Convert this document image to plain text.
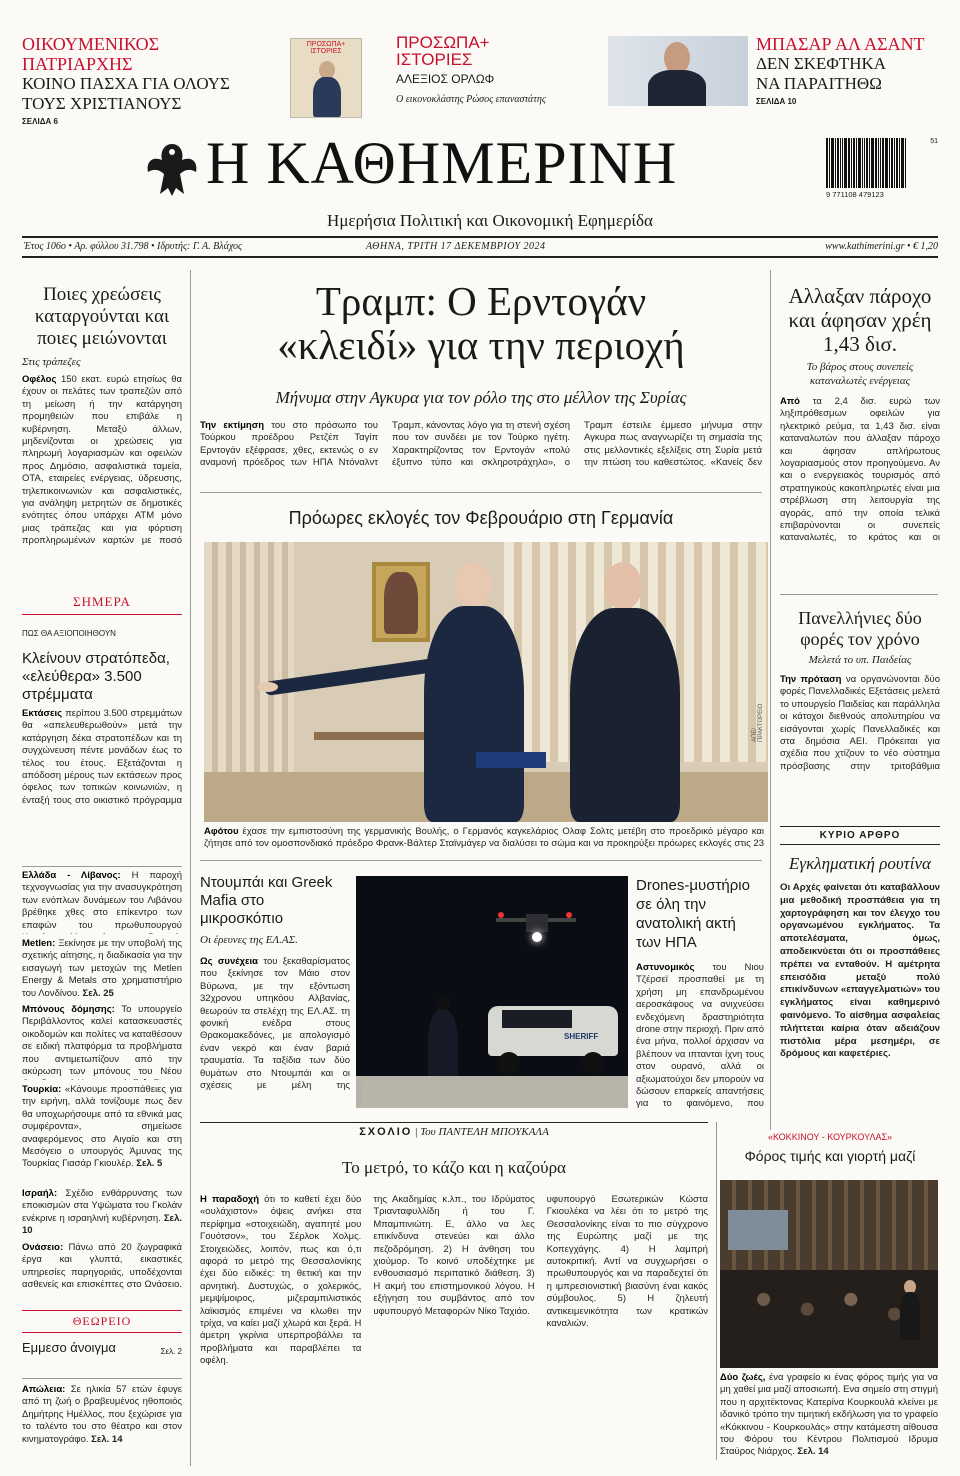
ΟΙΚΟΥΜΕΝΙΚΟΣ ΠΑΤΡΙΑΡΧΗΣ
ΚΟΙΝΟ ΠΑΣΧΑ ΓΙΑ ΟΛΟΥΣ
ΤΟΥΣ ΧΡΙΣΤΙΑΝΟΥΣ
ΣΕΛΙΔΑ 6
ΠΡΟΣΩΠΑ+ ΙΣΤΟΡΙΕΣ	ΠΡΟΣΩΠΑ+
ΙΣΤΟΡΙΕΣ
ΑΛΕΞΙΟΣ ΟΡΛΩΦ
Ο εικονοκλάστης Ρώσος επαναστάτης
ΜΠΑΣΑΡ ΑΛ ΑΣΑΝΤ
ΔΕΝ ΣΚΕΦΤΗΚΑ
ΝΑ ΠΑΡΑΙΤΗΘΩ
ΣΕΛΙΔΑ 10
Η ΚΑΘΗΜΕΡΙΝΗ
Ημερήσια Πολιτική και Οικονομική Εφημερίδα
51
9 771108 479123
Έτος 106ο • Αρ. φύλλου 31.798 • Ιδρυτής: Γ. Α. Βλάχος	ΑΘΗΝΑ, ΤΡΙΤΗ 17 ΔΕΚΕΜΒΡΙΟΥ 2024	www.kathimerini.gr • € 1,20
Ποιες χρεώσεις καταργούνται και ποιες μειώνονται
Στις τράπεζες
Οφέλος 150 εκατ. ευρώ ετησίως θα έχουν οι πελάτες των τραπεζών από τη μείωση ή την κατάργηση προμηθειών που επιβάλε η κυβέρνηση. Μεταξύ άλλων, μηδενίζονται οι χρεώσεις για πληρωμή λογαριασμών και οφειλών προς Δημόσιο, ασφαλιστικά ταμεία, ΟΤΑ, εταιρείες ενέργειας, ύδρευσης, τηλεπικοινωνιών και ασφαλιστικές, για ανάληψη μετρητών σε δημοτικές ενότητες όπου υπάρχει ATM μόνο μιας τράπεζας και για φόρτιση προπληρωμένων καρτών με ποσό
ΣΗΜΕΡΑ
ΠΩΣ ΘΑ ΑΞΙΟΠΟΙΗΘΟΥΝ
Κλείνουν στρατόπεδα, «ελεύθερα» 3.500 στρέμματα
Εκτάσεις περίπου 3.500 στρεμμάτων θα «απελευθερωθούν» μετά την κατάργηση δέκα στρατοπέδων και τη συγχώνευση πέντε μονάδων έως το τέλος του έτους. Εξετάζονται η απόδοση μέρους των εκτάσεων προς όφελος των τοπικών κοινωνιών, η ένταξή τους στο οικιστικό πρόγραμμα
Ελλάδα - Λίβανος: Η παροχή τεχνογνωσίας για την ανασυγκρότηση των ενόπλων δυνάμεων του Λιβάνου βρέθηκε χθες στο επίκεντρο των επαφών του πρωθυπουργού
Metlen: Ξεκίνησε με την υποβολή της σχετικής αίτησης, η διαδικασία για την εισαγωγή των μετοχών της Metlen Energy & Metals στο χρηματιστήριο του Λονδίνου. Σελ. 25
Μπόνους δόμησης: Το υπουργείο Περιβάλλοντος καλεί κατασκευαστές οικοδομών και πολίτες να καταθέσουν σε ειδική πλατφόρμα τα προβλήματα που αντιμετωπίζουν από την ακύρωση των μπόνους του Νέου
Τουρκία: «Κάνουμε προσπάθειες για την ειρήνη, αλλά τονίζουμε πως δεν θα υποχωρήσουμε από τα εθνικά μας συμφέροντα», σημείωσε αναφερόμενος στο Αιγαίο και στη Μεσόγειο ο υπουργός Άμυνας της Τουρκίας Γιασάρ Γκιουλέρ. Σελ. 5
Ισραήλ: Σχέδιο ενθάρρυνσης των εποικισμών στα Υψώματα του Γκολάν ενέκρινε η ισραηλινή κυβέρνηση. Σελ. 10
Ονάσειο: Πάνω από 20 ζωγραφικά έργα και γλυπτά, εικαστικές υπηρεσίες παρηγοριάς, υποδέχονται ασθενείς και επισκέπτες στο Ωνάσειο.
ΘΕΩΡΕΙΟ
Εμμεσο άνοιγμα	Σελ. 2
Απώλεια: Σε ηλικία 57 ετών έφυγε από τη ζωή ο βραβευμένος ηθοποιός Δημήτρης Ημέλλος, που ξεχώρισε για το ταλέντο του στο θέατρο και στον κινηματογράφο. Σελ. 14
Τραμπ: Ο Ερντογάν
«κλειδί» για την περιοχή
Μήνυμα στην Αγκυρα για τον ρόλο της στο μέλλον της Συρίας
Την εκτίμηση του στο πρόσωπο του Τούρκου προέδρου Ρετζέπ Ταγίπ Ερντογάν εξέφρασε, χθες, εκτενώς ο εν αναμονή πρόεδρος των ΗΠΑ Ντόναλντ Τραμπ, κάνοντας λόγο για τη στενή σχέση που τον συνδέει με τον Τούρκο ηγέτη. Χαρακτηρίζοντας τον Ερντογάν «πολύ έξυπνο τύπο και σκληροτράχηλο», ο Τραμπ έστειλε έμμεσο μήνυμα στην Αγκυρα πως αναγνωρίζει τη σημασία της στις μελλοντικές εξελίξεις στη Συρία μετά την πτώση του καθεστώτος. «Κανείς δεν
Πρόωρες εκλογές τον Φεβρουάριο στη Γερμανία
ΑΠΕ/ΠΡΑΚΤΟΡΕΙΟ
Αφότου έχασε την εμπιστοσύνη της γερμανικής Βουλής, ο Γερμανός καγκελάριος Ολαφ Σολτς μετέβη στο προεδρικό μέγαρο και ζήτησε από τον ομοσπονδιακό πρόεδρο Φρανκ-Βάλτερ Σταϊνμάγερ να διαλύσει το σώμα και να προκηρύξει πρόωρες εκλογές στις 23
Αλλαξαν πάροχο και άφησαν χρέη 1,43 δισ.
Το βάρος στους συνεπείς καταναλωτές ενέργειας
Από τα 2,4 δισ. ευρώ των ληξιπρόθεσμων οφειλών για ηλεκτρικό ρεύμα, τα 1,43 δισ. είναι καταναλωτών που άλλαξαν πάροχο και άφησαν απλήρωτους λογαριασμούς στον προηγούμενο. Αν και ο ενεργειακός τουρισμός από στρατηγικούς κακοπληρωτές είναι μια στρέβλωση στη λειτουργία της αγοράς, από την οποία τελικά επιβαρύνονται οι συνεπείς καταναλωτές, το κράτος και οι
Πανελλήνιες δύο φορές τον χρόνο
Μελετά το υπ. Παιδείας
Την πρόταση να οργανώνονται δύο φορές Πανελλαδικές Εξετάσεις μελετά το υπουργείο Παιδείας και παράλληλα οι κάτοχοι διεθνούς απολυτηρίου να εισάγονται χωρίς Πανελλαδικές και στα δημόσια ΑΕΙ. Πρόκειται για σχέδια που χτίζουν το νέο σύστημα πρόσβασης στην τριτοβάθμια
ΚΥΡΙΟ ΑΡΘΡΟ
Εγκληματική ρουτίνα
Οι Αρχές φαίνεται ότι καταβάλλουν μια μεθοδική προσπάθεια για τη χαρτογράφηση και τον έλεγχο του οργανωμένου εγκλήματος. Τα αποτελέσματα, όμως, αποδεικνύεται ότι οι προσπάθειες πρέπει να ενταθούν. Η αμέτρητα επεισόδια μεταξύ πολύ επικίνδυνων «επαγγελματιών» του εγκλήματος είναι καθημερινό φαινόμενο. Το αίσθημα ασφαλείας πλήττεται καίρια όταν αδειάζουν πιστόλια μέρα μεσημέρι, σε δρόμους και καφετέριες.
Ντουμπάι και Greek Mafia στο μικροσκόπιο
Οι έρευνες της ΕΛ.ΑΣ.
Ως συνέχεια του ξεκαθαρίσματος που ξεκίνησε τον Μάιο στον Βύρωνα, με την εξόντωση 32χρονου υπηκόου Αλβανίας, θεωρούν τα στελέχη της ΕΛ.ΑΣ. τη φονική ενέδρα στους Θρακομακεδόνες, με απολογισμό έναν νεκρό και έναν βαριά τραυματία. Τα ταξίδια των δύο θυμάτων στο Ντουμπάι και οι σχέσεις με μέλη της
SHERIFF
ΑΠ/ΑΠΕ
Drones-μυστήριο σε όλη την ανατολική ακτή των ΗΠΑ
Αστυνομικός του Νιου Τζέρσεϊ προσπαθεί με τη χρήση μη επανδρωμένου αεροσκάφους να ανιχνεύσει ενδεχόμενη δραστηριότητα drone στην περιοχή. Πριν από ένα μήνα, πολλοί άρχισαν να βλέπουν να ιπτανται ίχνη τους στον ουρανό, αλλά οι αξιωματούχοι δεν μπορούν να δώσουν επαρκείς απαντήσεις για το φαινόμενο, που
ΣΧΟΛΙΟ | Του ΠΑΝΤΕΛΗ ΜΠΟΥΚΑΛΑ
Το μετρό, το κάζο και η καζούρα
Η παραδοχή ότι το καθετί έχει δύο «ουλάχιστον» όψεις ανήκει στα περίφημα «στοιχειώδη, αγαπητέ μου Γουότσον», του Σέρλοκ Χολμς. Στοιχειώδες, λοιπόν, πως και ό,τι αφορά το μετρό της Θεσσαλονίκης έχει δύο ειδικές: τη θετική και την αρνητική. Δυστυχώς, ο χολερικός, μεμψίμοιρος, μιζεραμπιλιστικός λαϊκισμός επιμένει να κλωθει την τρίχα, να καίει μαζί χλωρά και ξερά. Η άμετρη γκρίνια υπερπροβάλλει τα προβλήματα και παραβλέπει τα οφέλη.
της Ακαδημίας κ.λπ., του Ιδρύματος Τριανταφυλλίδη ή του Γ. Μπαμπινιώτη. Ε, άλλο να λες επικίνδυνα στενεύει και άλλο πεζοδρόμηση. 2) Η άνθηση του χιούμορ. Το κοινό υποδέχτηκε με ενθουσιασμό περιπατικό διάθεση. 3) Η ακμή του επιστημονικού λόγου. Η εξήγηση του συμβάντος από τον υφυπουργό Μεταφορών Νίκο Ταχιάο.
υφυπουργό Εσωτερικών Κώστα Γκιουλέκα να λέει ότι το μετρό της Θεσσαλονίκης είναι το πιο σύγχρονο της Ευρώπης μαζί με της Κοπεγχάγης. 4) Η λαμπρή αυτοκριτική. Αντί να συγχωρήσει ο πρωθυπουργός και να παραδεχτεί ότι η ιμπρεσιονιστική βιασύνη έναι κακός σύμβουλος. 5) Η ζηλευτή αντικειμενικότητα των κρατικών καναλιών.
«ΚΟΚΚΙΝΟΥ - ΚΟΥΡΚΟΥΛΑΣ»
Φόρος τιμής και γιορτή μαζί
Δύο ζωές, ένα γραφείο κι ένας φόρος τιμής για να μη χαθεί μια μαζί αποσιωπή. Ενα σημείο στη στιγμή που η αρχιτέκτονας Κατερίνα Κουρκουλά κλείνει με ιδανικό τρόπο την τιμητική εκδήλωση για το γραφείο «Κόκκινου - Κουρκουλάς» στην κατάμεστη αίθουσα του Φόρου του Κέντρου Πολιτισμού Ιδρυμα Σταύρος Νιάρχος. Σελ. 14
